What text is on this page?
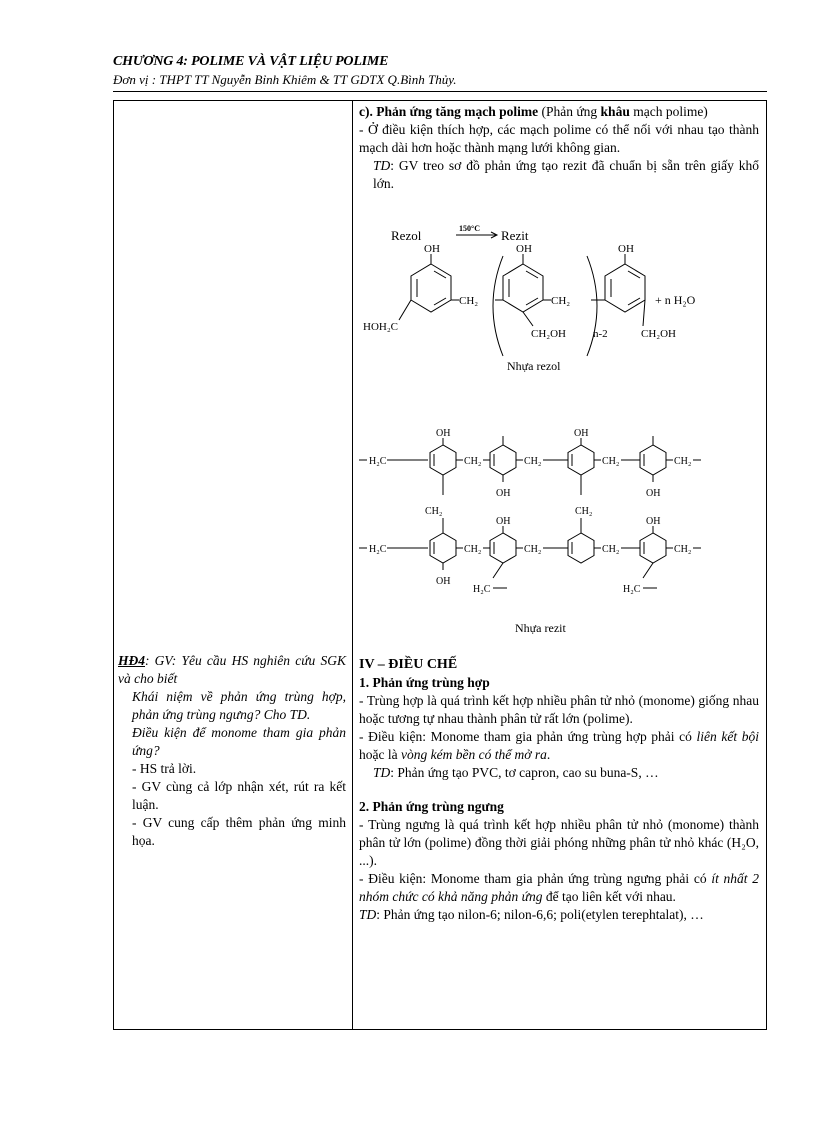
CHƯƠNG 4: POLIME VÀ VẬT LIỆU POLIME
Đơn vị : THPT TT Nguyễn Bỉnh Khiêm & TT GDTX Q.Bình Thủy.

c). Phản ứng tăng mạch polime (Phản ứng khâu mạch polime)

- Ở điều kiện thích hợp, các mạch polime có thể nối với nhau tạo thành mạch dài hơn hoặc thành mạng lưới không gian.

TD: GV treo sơ đồ phản ứng tạo rezit đã chuẩn bị sẵn trên giấy khổ lớn.

Rezol	150°C Rezit
OH
CH₂
HOH₂C
OH
CH₂
CH₂OH n-2
OH
CH₂OH
+ n H₂O
Nhựa rezol
Nhựa rezit
H₂C	CH₂	CH₂	CH₂	CH₂
OH
OH
OH
OH
CH₂	CH₂
H₂C	CH₂	CH₂	CH₂	CH₂
OH
OH
H₂C
OH
H₂C

HĐ4: GV: Yêu cầu HS nghiên cứu SGK và cho biết

Khái niệm về phản ứng trùng hợp, phản ứng trùng ngưng? Cho TD.

Điều kiện để monome tham gia phản ứng?

- HS trả lời.

- GV cùng cả lớp nhận xét, rút ra kết luận.

- GV cung cấp thêm phản ứng minh họa.

IV – ĐIỀU CHẾ

1. Phản ứng trùng hợp

- Trùng hợp là quá trình kết hợp nhiều phân tử nhỏ (monome) giống nhau hoặc tương tự nhau thành phân tử rất lớn (polime).

- Điều kiện: Monome tham gia phản ứng trùng hợp phải có liên kết bội hoặc là vòng kém bền có thể mở ra.

TD: Phản ứng tạo PVC, tơ capron, cao su buna-S, …

2. Phản ứng trùng ngưng

- Trùng ngưng là quá trình kết hợp nhiều phân tử nhỏ (monome) thành phân tử lớn (polime) đồng thời giải phóng những phân tử nhỏ khác (H₂O, ...).

- Điều kiện: Monome tham gia phản ứng trùng ngưng phải có ít nhất 2 nhóm chức có khả năng phản ứng để tạo liên kết với nhau.

TD: Phản ứng tạo nilon-6; nilon-6,6; poli(etylen terephtalat), …
